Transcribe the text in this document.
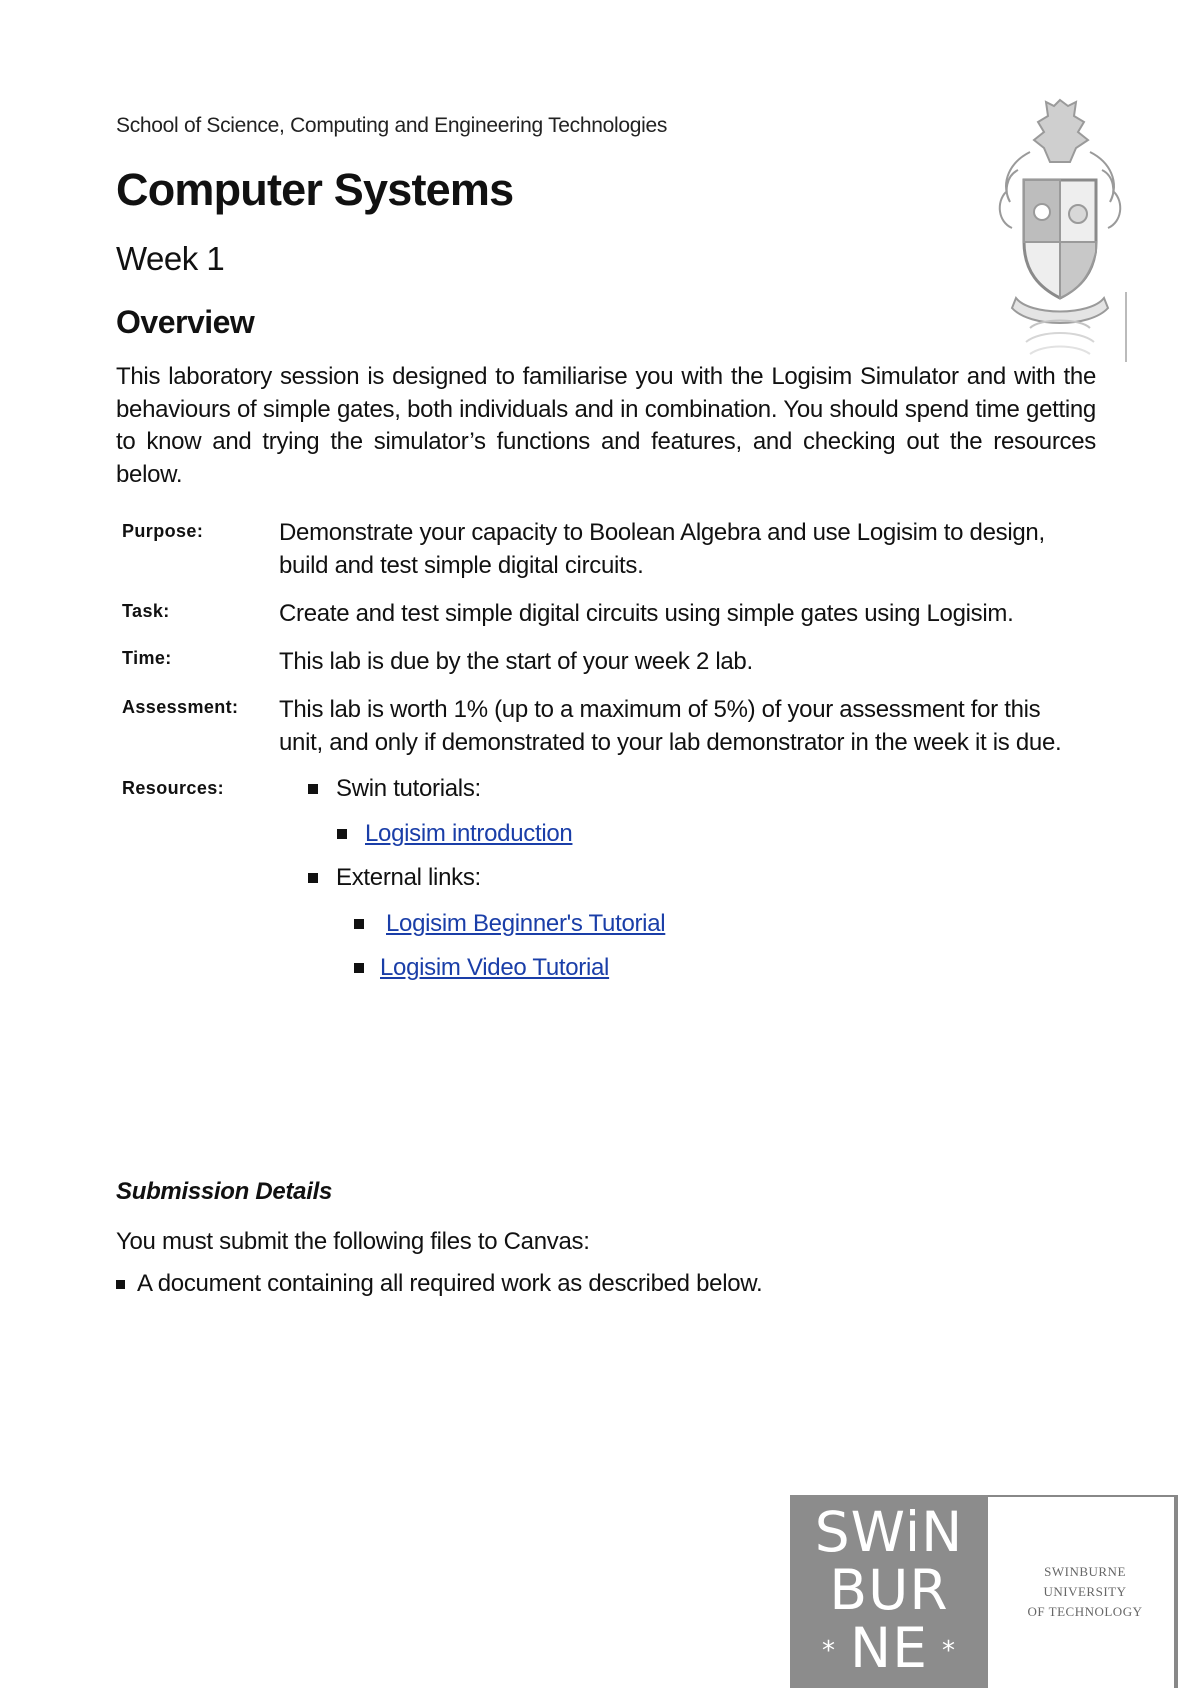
School of Science, Computing and Engineering Technologies
Computer Systems
Week 1
Overview
This laboratory session is designed to familiarise you with the Logisim Simulator and with the behaviours of simple gates, both individuals and in combination. You should spend time getting to know and trying the simulator’s functions and features, and checking out the resources below.
Purpose:	Demonstrate your capacity to Boolean Algebra and use Logisim to design, build and test simple digital circuits.
Task:	Create and test simple digital circuits using simple gates using Logisim.
Time:	This lab is due by the start of your week 2 lab.
Assessment: This lab is worth 1% (up to a maximum of 5%) of your assessment for this unit, and only if demonstrated to your lab demonstrator in the week it is due.
Resources:	Swin tutorials:
Logisim introduction
External links:
Logisim Beginner's Tutorial
Logisim Video Tutorial
Submission Details
You must submit the following files to Canvas:
A document containing all required work as described below.
SWiN
BUR
* NE *
SWINBURNE UNIVERSITY
OF TECHNOLOGY
